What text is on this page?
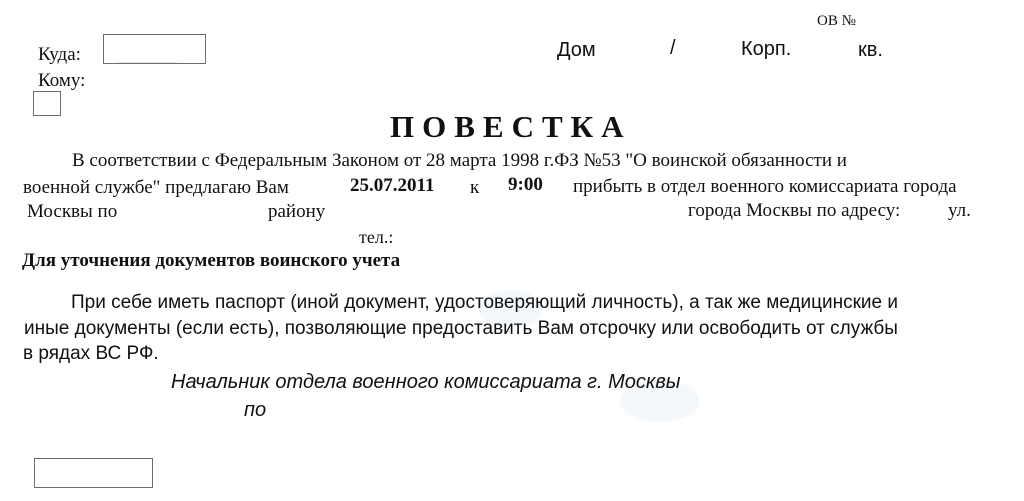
ОВ №
Куда:
Кому:
Дом	/	Корп.	кв.
ПОВЕСТКА
В соответствии с Федеральным Законом от 28 марта 1998 г.ФЗ №53 "О воинской обязанности и
военной службе" предлагаю Вам	25.07.2011 к 9:00 прибыть в отдел военного комиссариата города
Москвы по	району	города Москвы по адресу:	ул.
тел.:
Для уточнения документов воинского учета
При себе иметь паспорт (иной документ, удостоверяющий личность), а так же медицинские и
иные документы (если есть), позволяющие предоставить Вам отсрочку или освободить от службы
в рядах ВС РФ.
Начальник отдела военного комиссариата г. Москвы
по
